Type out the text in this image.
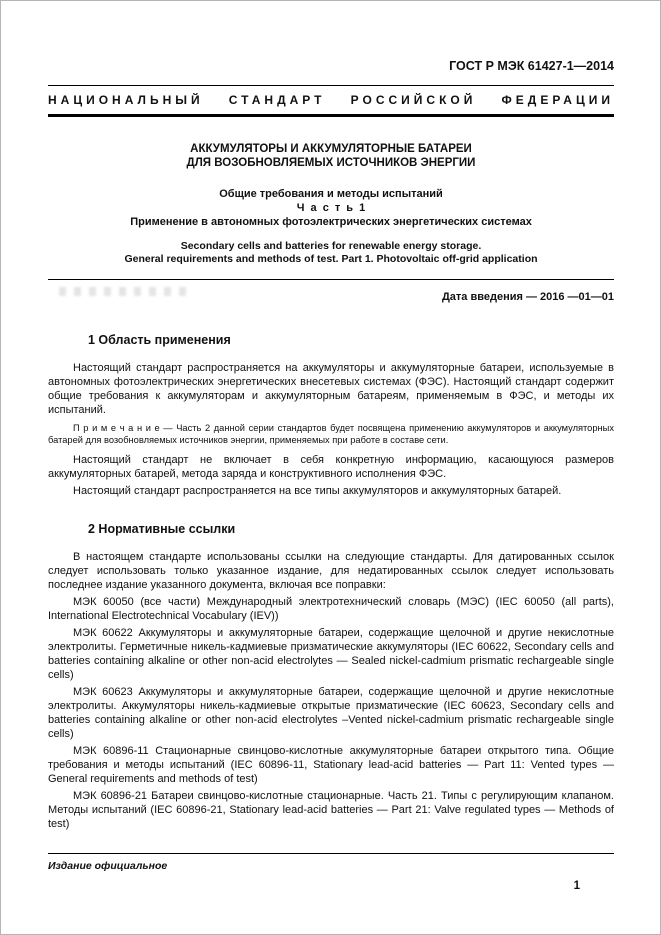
ГОСТ Р МЭК 61427-1—2014
НАЦИОНАЛЬНЫЙ СТАНДАРТ РОССИЙСКОЙ ФЕДЕРАЦИИ
АККУМУЛЯТОРЫ И АККУМУЛЯТОРНЫЕ БАТАРЕИ
ДЛЯ ВОЗОБНОВЛЯЕМЫХ ИСТОЧНИКОВ ЭНЕРГИИ
Общие требования и методы испытаний
Ч а с т ь 1
Применение в автономных фотоэлектрических энергетических системах
Secondary cells and batteries for renewable energy storage.
General requirements and methods of test. Part 1. Photovoltaic off-grid application
Дата введения — 2016 —01—01
1 Область применения

Настоящий стандарт распространяется на аккумуляторы и аккумуляторные батареи, используемые в автономных фотоэлектрических энергетических внесетевых системах (ФЭС). Настоящий стандарт содержит общие требования к аккумуляторам и аккумуляторным батареям, применяемым в ФЭС, и методы их испытаний.

П р и м е ч а н и е — Часть 2 данной серии стандартов будет посвящена применению аккумуляторов и аккумуляторных батарей для возобновляемых источников энергии, применяемых при работе в составе сети.

Настоящий стандарт не включает в себя конкретную информацию, касающуюся размеров аккумуляторных батарей, метода заряда и конструктивного исполнения ФЭС.

Настоящий стандарт распространяется на все типы аккумуляторов и аккумуляторных батарей.

2 Нормативные ссылки

В настоящем стандарте использованы ссылки на следующие стандарты. Для датированных ссылок следует использовать только указанное издание, для недатированных ссылок следует использовать последнее издание указанного документа, включая все поправки:

МЭК 60050 (все части) Международный электротехнический словарь (МЭС) (IEC 60050 (all parts), International Electrotechnical Vocabulary (IEV))

МЭК 60622 Аккумуляторы и аккумуляторные батареи, содержащие щелочной и другие некислотные электролиты. Герметичные никель-кадмиевые призматические аккумуляторы (IEC 60622, Secondary cells and batteries containing alkaline or other non-acid electrolytes — Sealed nickel-cadmium prismatic rechargeable single cells)

МЭК 60623 Аккумуляторы и аккумуляторные батареи, содержащие щелочной и другие некислотные электролиты. Аккумуляторы никель-кадмиевые открытые призматические (IEC 60623, Secondary cells and batteries containing alkaline or other non-acid electrolytes –Vented nickel-cadmium prismatic rechargeable single cells)

МЭК 60896-11 Стационарные свинцово-кислотные аккумуляторные батареи открытого типа. Общие требования и методы испытаний (IEC 60896-11, Stationary lead-acid batteries — Part 11: Vented types — General requirements and methods of test)

МЭК 60896-21 Батареи свинцово-кислотные стационарные. Часть 21. Типы с регулирующим клапаном. Методы испытаний (IEC 60896-21, Stationary lead-acid batteries — Part 21: Valve regulated types — Methods of test)

Издание официальное
1
